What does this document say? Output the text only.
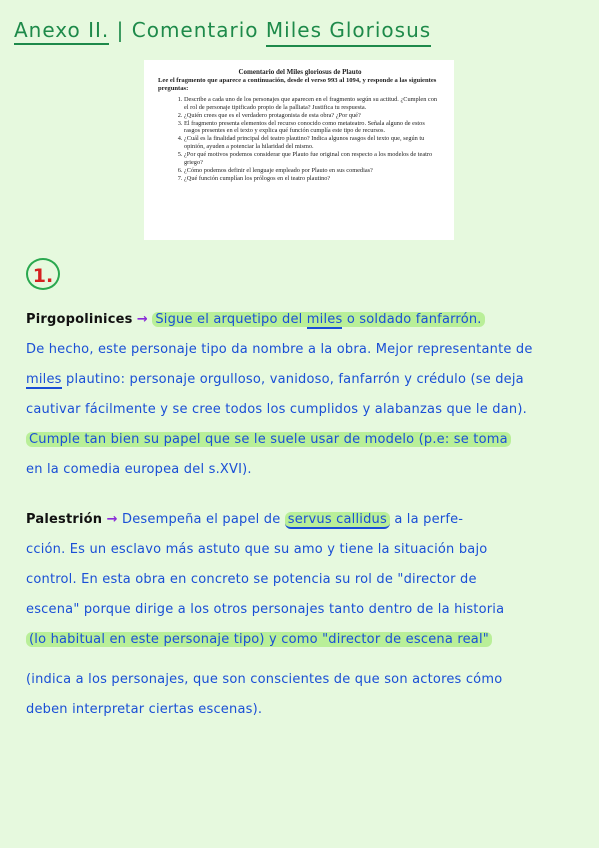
Anexo II. | Comentario Miles Gloriosus
Comentario del Miles gloriosus de Plauto
Lee el fragmento que aparece a continuación, desde el verso 993 al 1094, y responde a las siguientes preguntas:
1. Describe a cada uno de los personajes que aparecen en el fragmento según su actitud. ¿Cumplen con el rol de personaje tipificado propio de la palliata? Justifica tu respuesta.
2. ¿Quién crees que es el verdadero protagonista de esta obra? ¿Por qué?
3. El fragmento presenta elementos del recurso conocido como metateatro. Señala alguno de estos rasgos presentes en el texto y explica qué función cumplía este tipo de recursos.
4. ¿Cuál es la finalidad principal del teatro plautino? Indica algunos rasgos del texto que, según tu opinión, ayuden a potenciar la hilaridad del mismo.
5. ¿Por qué motivos podemos considerar que Plauto fue original con respecto a los modelos de teatro griego?
6. ¿Cómo podemos definir el lenguaje empleado por Plauto en sus comedias?
7. ¿Qué función cumplían los prólogos en el teatro plautino?
1.
Pirgopolinices → Sigue el arquetipo del miles o soldado fanfarrón.
De hecho, este personaje tipo da nombre a la obra. Mejor representante de
miles plautino: personaje orgulloso, vanidoso, fanfarrón y crédulo (se deja
cautivar fácilmente y se cree todos los cumplidos y alabanzas que le dan).
Cumple tan bien su papel que se le suele usar de modelo (p.e: se toma
en la comedia europea del s.XVI).
Palestrión → Desempeña el papel de servus callidus a la perfe-
cción. Es un esclavo más astuto que su amo y tiene la situación bajo
control. En esta obra en concreto se potencia su rol de "director de
escena" porque dirige a los otros personajes tanto dentro de la historia
(lo habitual en este personaje tipo) y como "director de escena real"
(indica a los personajes, que son conscientes de que son actores cómo
deben interpretar ciertas escenas).
